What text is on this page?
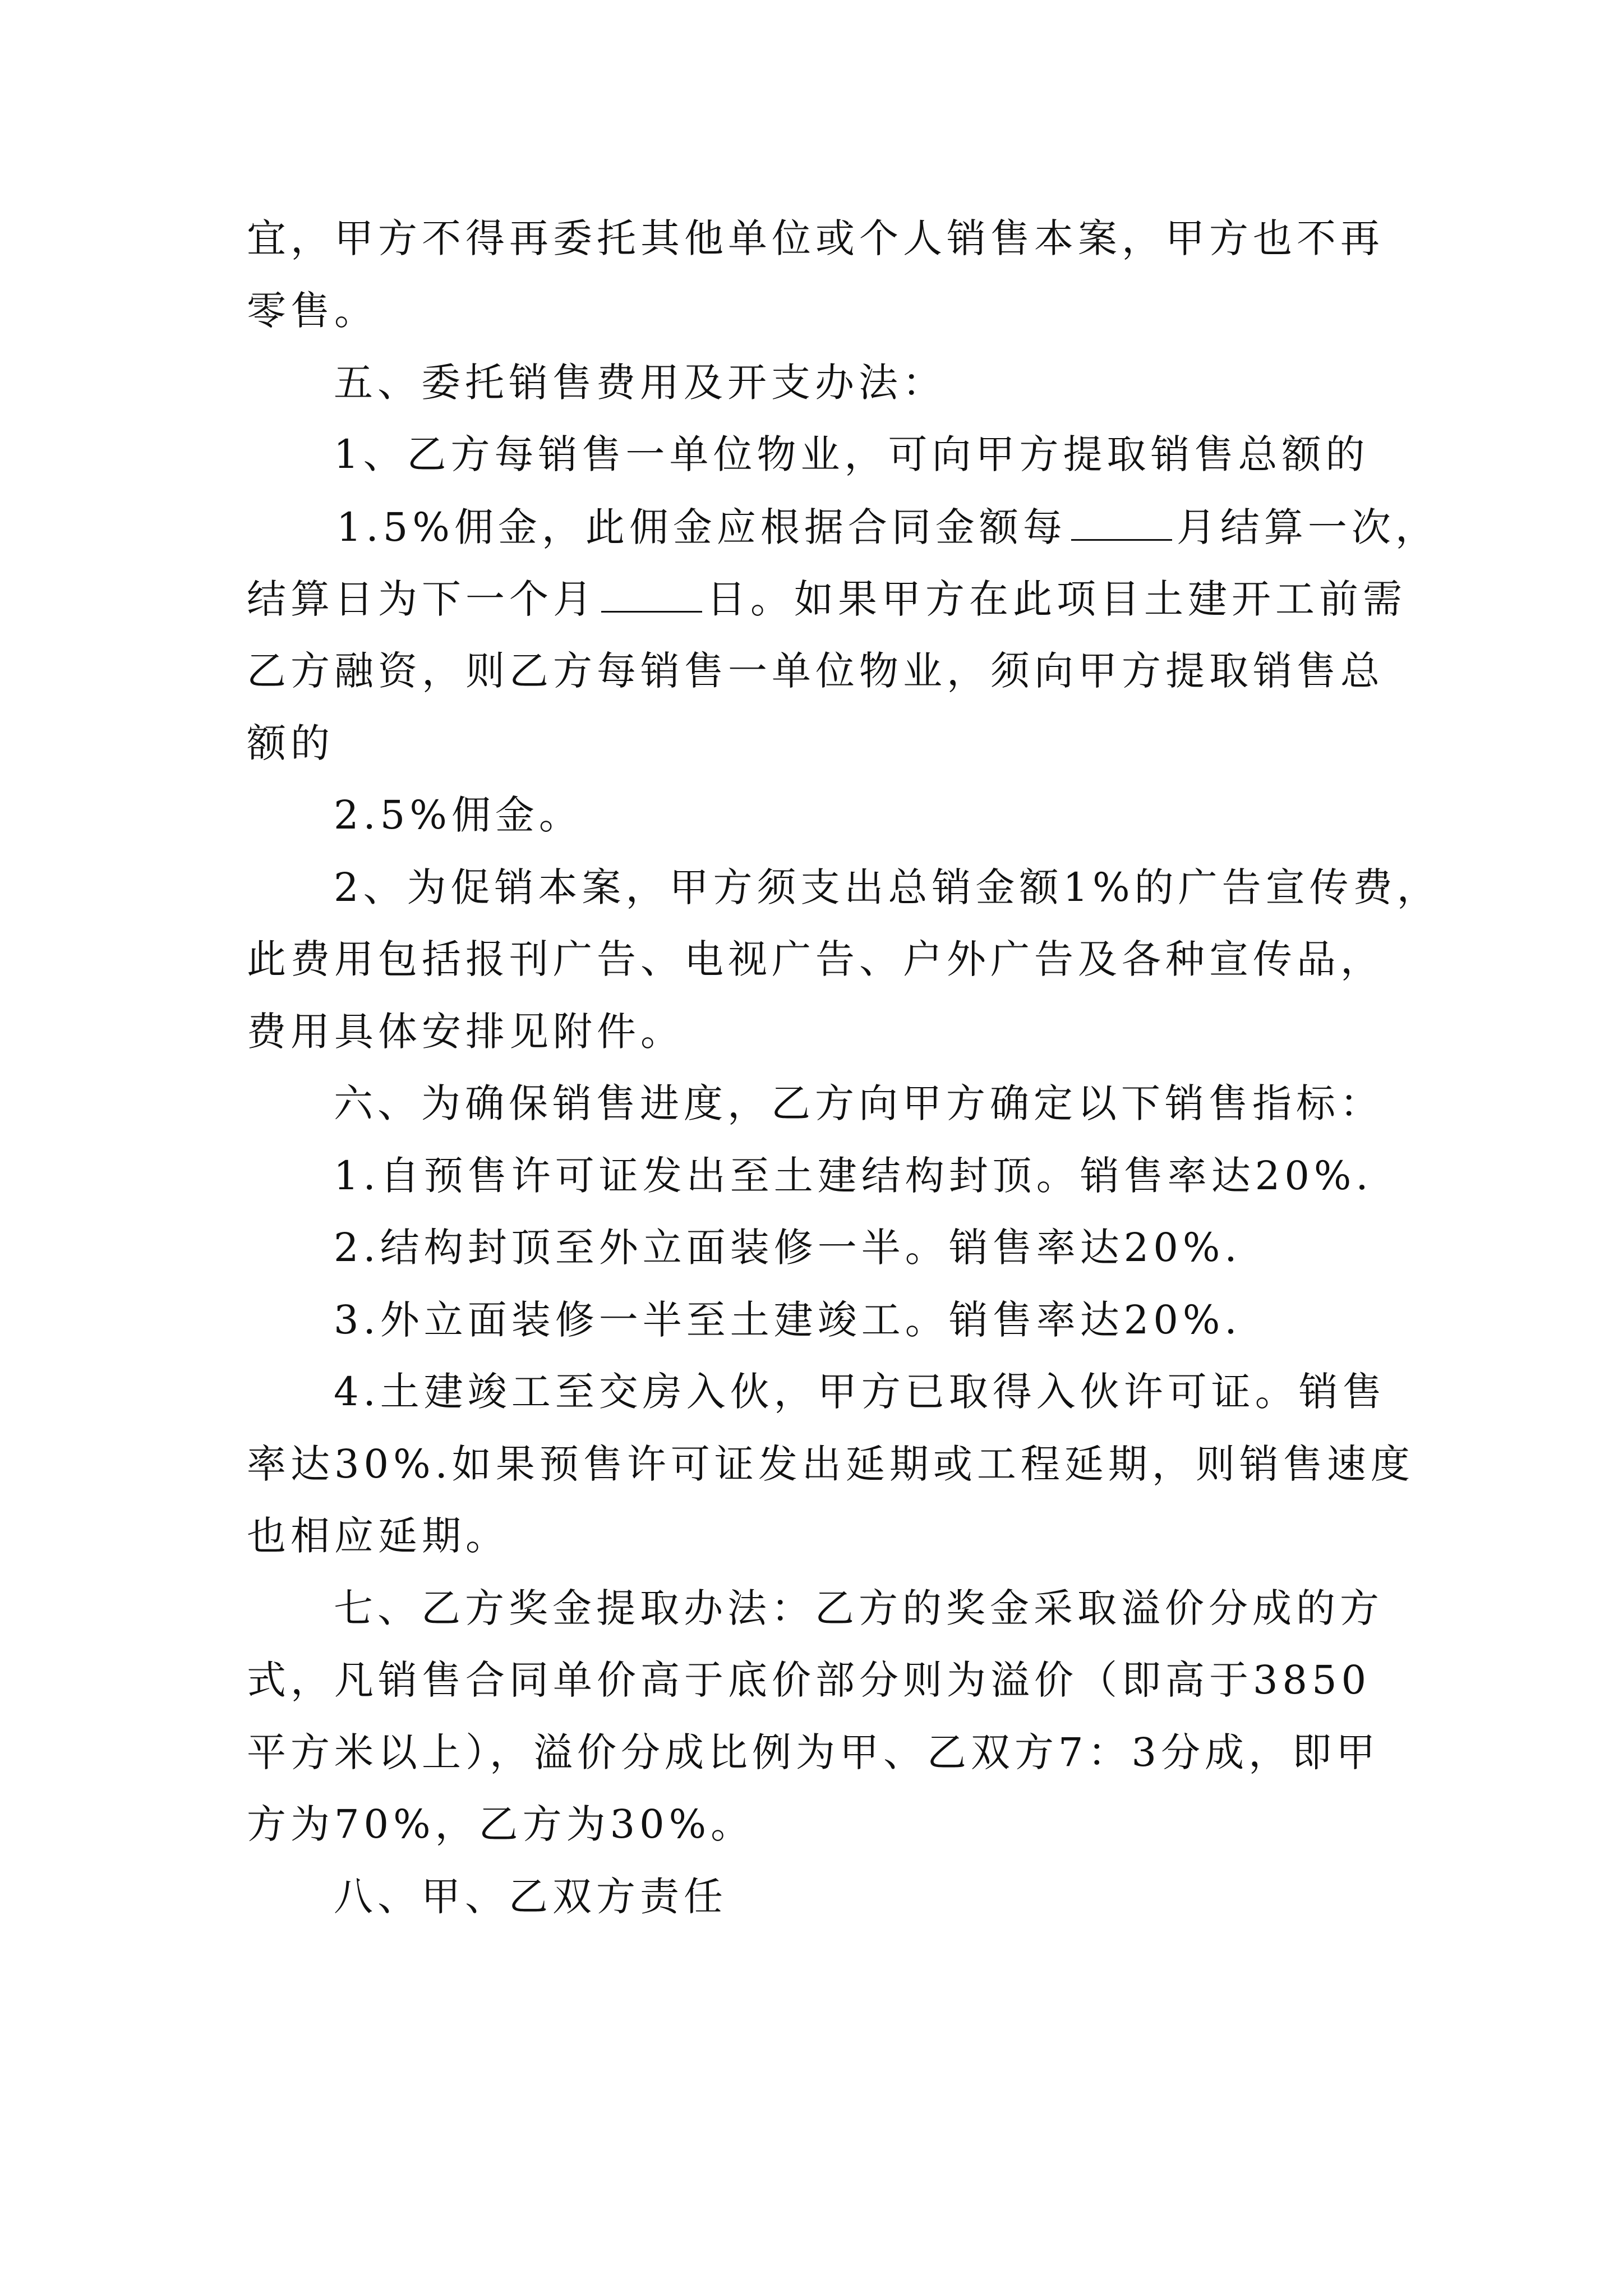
宜，甲方不得再委托其他单位或个人销售本案，甲方也不再
零售。
五、委托销售费用及开支办法：
1、乙方每销售一单位物业，可向甲方提取销售总额的
1.5%佣金，此佣金应根据合同金额每	月结算一次，
结算日为下一个月	日。如果甲方在此项目土建开工前需
乙方融资，则乙方每销售一单位物业，须向甲方提取销售总
额的
2.5%佣金。
2、为促销本案，甲方须支出总销金额1%的广告宣传费，
此费用包括报刊广告、电视广告、户外广告及各种宣传品，
费用具体安排见附件。
六、为确保销售进度，乙方向甲方确定以下销售指标：
1.自预售许可证发出至土建结构封顶。销售率达20%.
2.结构封顶至外立面装修一半。销售率达20%.
3.外立面装修一半至土建竣工。销售率达20%.
4.土建竣工至交房入伙，甲方已取得入伙许可证。销售
率达30%.如果预售许可证发出延期或工程延期，则销售速度
也相应延期。
七、乙方奖金提取办法：乙方的奖金采取溢价分成的方
式，凡销售合同单价高于底价部分则为溢价（即高于3850
平方米以上），溢价分成比例为甲、乙双方7：3分成，即甲
方为70%，乙方为30%。
八、甲、乙双方责任
